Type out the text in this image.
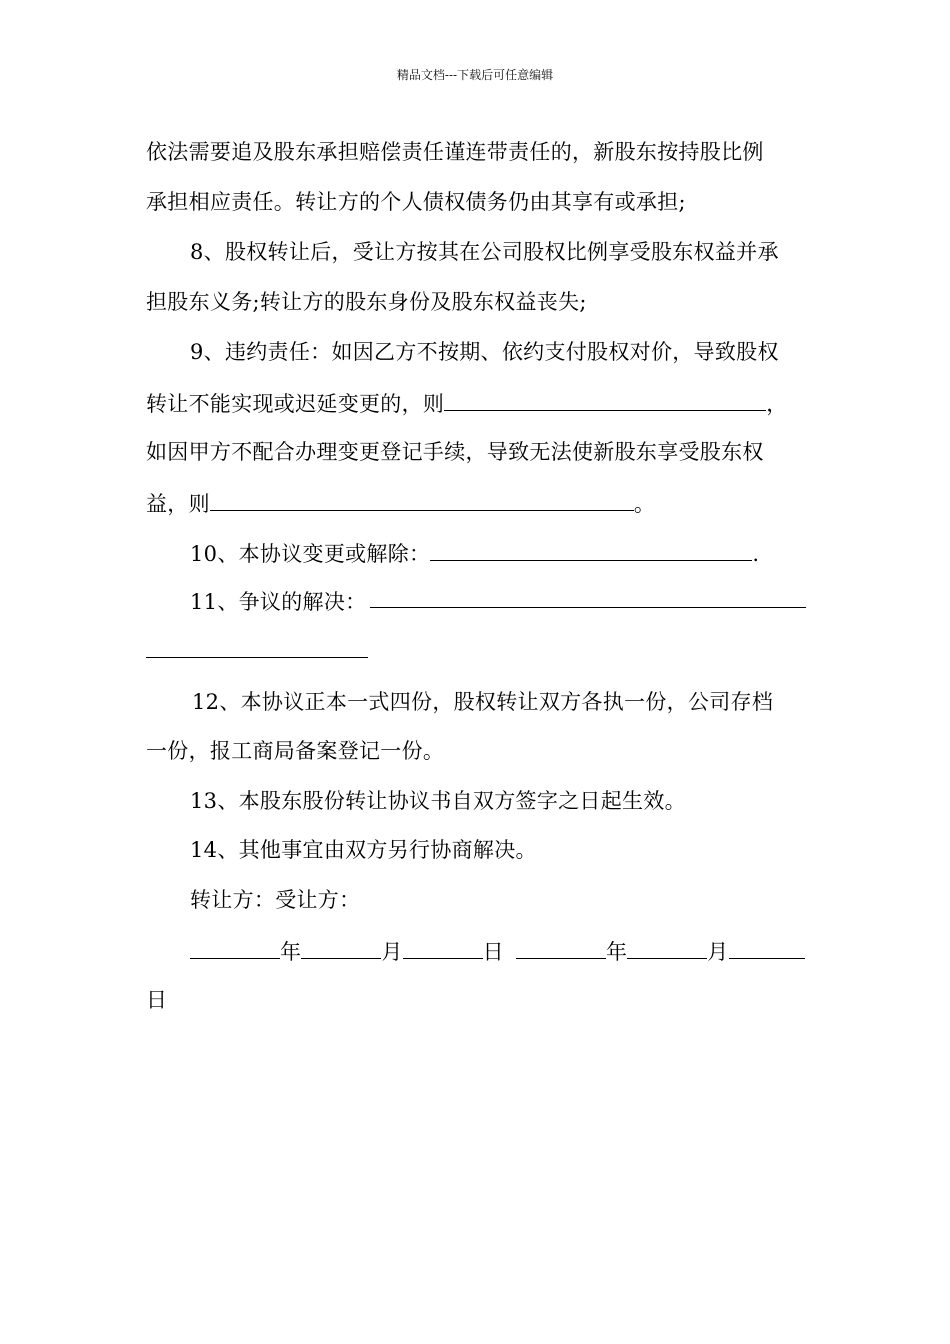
精品文档---下载后可任意编辑
依法需要追及股东承担赔偿责任谨连带责任的，新股东按持股比例
承担相应责任。转让方的个人债权债务仍由其享有或承担;
8、股权转让后，受让方按其在公司股权比例享受股东权益并承
担股东义务;转让方的股东身份及股东权益丧失;
9、违约责任：如因乙方不按期、依约支付股权对价，导致股权
转让不能实现或迟延变更的，则	，
如因甲方不配合办理变更登记手续，导致无法使新股东享受股东权
益，则	。
10、本协议变更或解除：	.
11、争议的解决：
12、本协议正本一式四份，股权转让双方各执一份，公司存档
一份，报工商局备案登记一份。
13、本股东股份转让协议书自双方签字之日起生效。
14、其他事宜由双方另行协商解决。
转让方：受让方：
年	月	日	年	月
日
